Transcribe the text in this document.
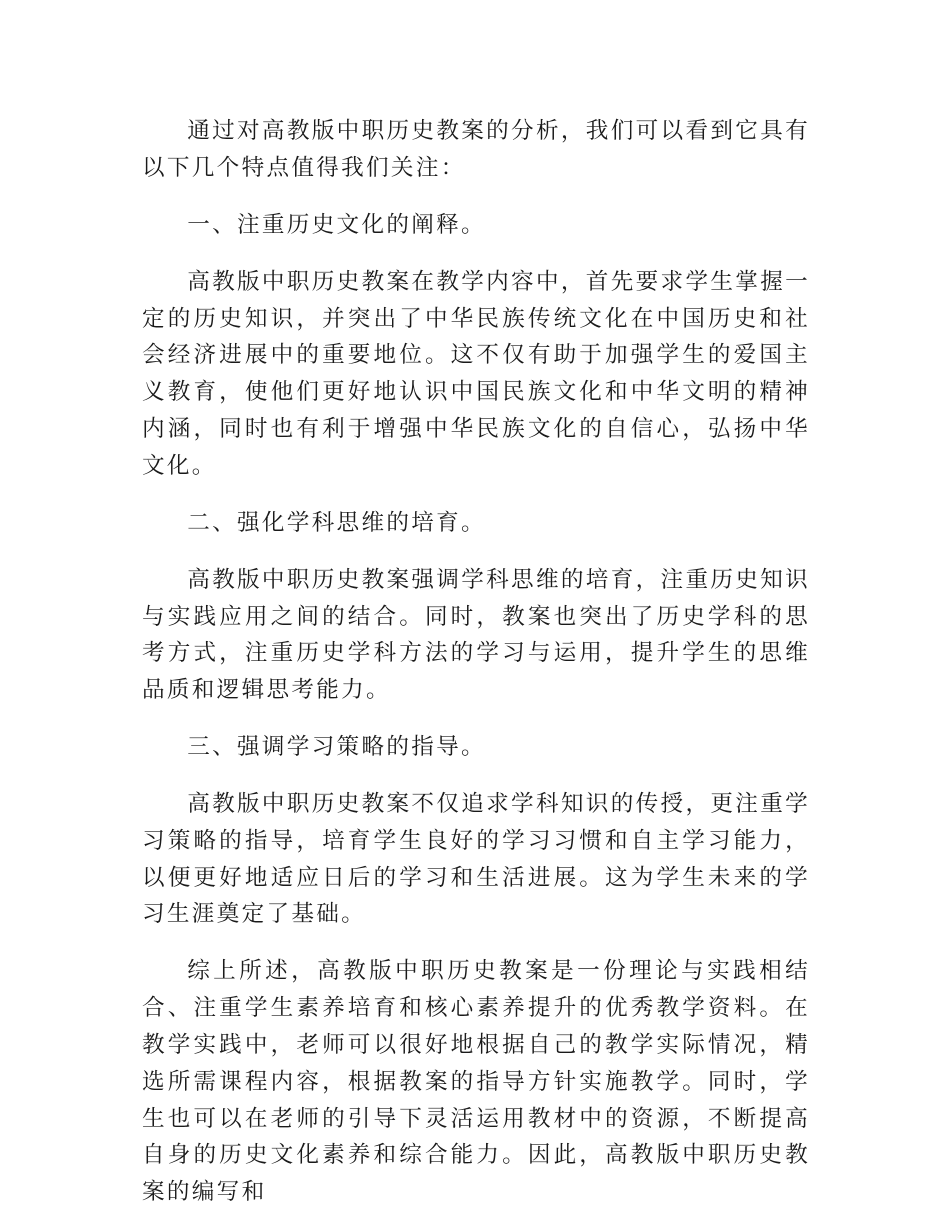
通过对高教版中职历史教案的分析，我们可以看到它具有以下几个特点值得我们关注：

一、注重历史文化的阐释。

高教版中职历史教案在教学内容中，首先要求学生掌握一定的历史知识，并突出了中华民族传统文化在中国历史和社会经济进展中的重要地位。这不仅有助于加强学生的爱国主义教育，使他们更好地认识中国民族文化和中华文明的精神内涵，同时也有利于增强中华民族文化的自信心，弘扬中华文化。

二、强化学科思维的培育。

高教版中职历史教案强调学科思维的培育，注重历史知识与实践应用之间的结合。同时，教案也突出了历史学科的思考方式，注重历史学科方法的学习与运用，提升学生的思维品质和逻辑思考能力。

三、强调学习策略的指导。

高教版中职历史教案不仅追求学科知识的传授，更注重学习策略的指导，培育学生良好的学习习惯和自主学习能力，以便更好地适应日后的学习和生活进展。这为学生未来的学习生涯奠定了基础。

综上所述，高教版中职历史教案是一份理论与实践相结合、注重学生素养培育和核心素养提升的优秀教学资料。在教学实践中，老师可以很好地根据自己的教学实际情况，精选所需课程内容，根据教案的指导方针实施教学。同时，学生也可以在老师的引导下灵活运用教材中的资源，不断提高自身的历史文化素养和综合能力。因此，高教版中职历史教案的编写和
